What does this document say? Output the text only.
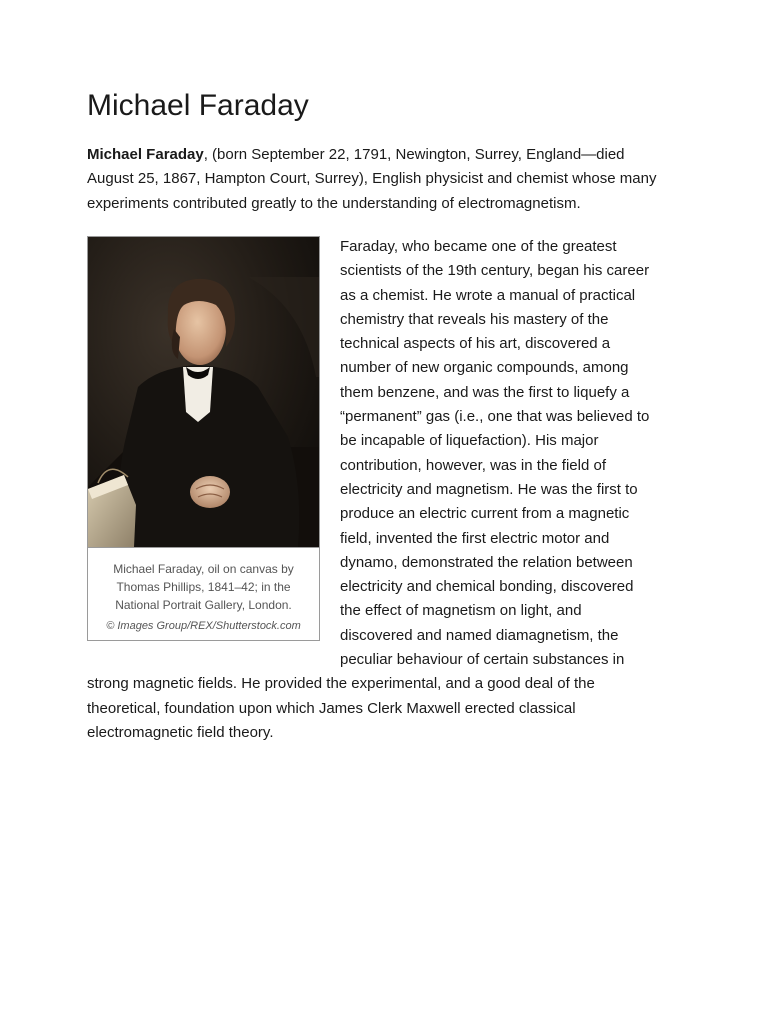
Michael Faraday

Michael Faraday, (born September 22, 1791, Newington, Surrey, England—died
August 25, 1867, Hampton Court, Surrey), English physicist and chemist whose many
experiments contributed greatly to the understanding of electromagnetism.

Michael Faraday, oil on canvas by Thomas Phillips, 1841–42; in the National Portrait Gallery, London.
© Images Group/REX/Shutterstock.com
Faraday, who became one of the greatest
scientists of the 19th century, began his career
as a chemist. He wrote a manual of practical
chemistry that reveals his mastery of the
technical aspects of his art, discovered a
number of new organic compounds, among
them benzene, and was the first to liquefy a
“permanent” gas (i.e., one that was believed to
be incapable of liquefaction). His major
contribution, however, was in the field of
electricity and magnetism. He was the first to
produce an electric current from a magnetic
field, invented the first electric motor and
dynamo, demonstrated the relation between
electricity and chemical bonding, discovered
the effect of magnetism on light, and
discovered and named diamagnetism, the
peculiar behaviour of certain substances in
strong magnetic fields. He provided the experimental, and a good deal of the
theoretical, foundation upon which James Clerk Maxwell erected classical
electromagnetic field theory.
